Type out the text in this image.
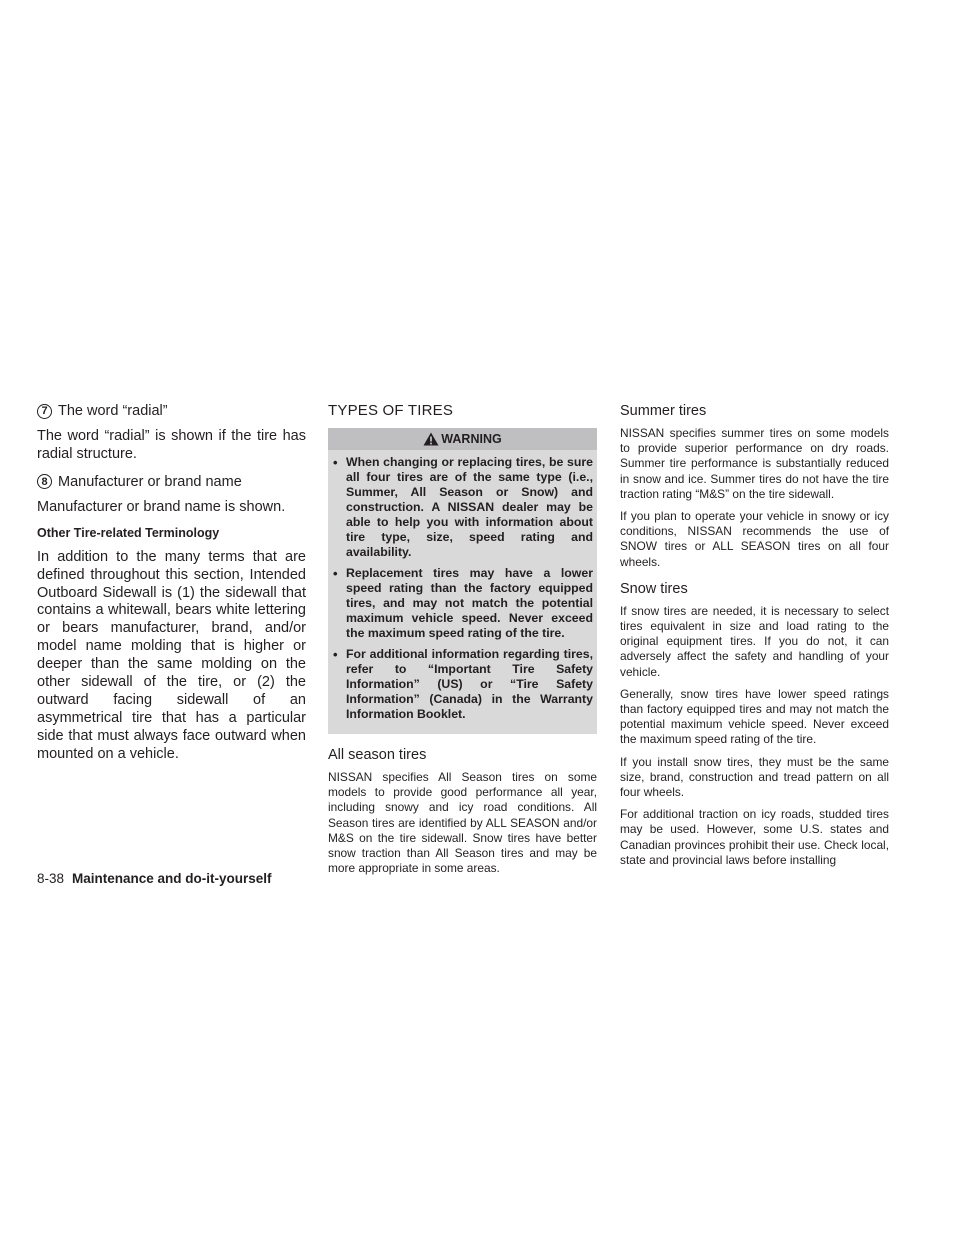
7 The word “radial”

The word “radial” is shown if the tire has radial structure.

8 Manufacturer or brand name

Manufacturer or brand name is shown.

Other Tire-related Terminology

In addition to the many terms that are defined throughout this section, Intended Outboard Sidewall is (1) the sidewall that contains a whitewall, bears white lettering or bears manufacturer, brand, and/or model name molding that is higher or deeper than the same molding on the other sidewall of the tire, or (2) the outward facing sidewall of an asymmetrical tire that has a particular side that must always face outward when mounted on a vehicle.

TYPES OF TIRES
WARNING
• When changing or replacing tires, be sure all four tires are of the same type (i.e., Summer, All Season or Snow) and construction. A NISSAN dealer may be able to help you with information about tire type, size, speed rating and availability.
• Replacement tires may have a lower speed rating than the factory equipped tires, and may not match the potential maximum vehicle speed. Never exceed the maximum speed rating of the tire.
• For additional information regarding tires, refer to “Important Tire Safety Information” (US) or “Tire Safety Information” (Canada) in the Warranty Information Booklet.
All season tires

NISSAN specifies All Season tires on some models to provide good performance all year, including snowy and icy road conditions. All Season tires are identified by ALL SEASON and/or M&S on the tire sidewall. Snow tires have better snow traction than All Season tires and may be more appropriate in some areas.

Summer tires

NISSAN specifies summer tires on some models to provide superior performance on dry roads. Summer tire performance is substantially reduced in snow and ice. Summer tires do not have the tire traction rating “M&S” on the tire sidewall.

If you plan to operate your vehicle in snowy or icy conditions, NISSAN recommends the use of SNOW tires or ALL SEASON tires on all four wheels.

Snow tires

If snow tires are needed, it is necessary to select tires equivalent in size and load rating to the original equipment tires. If you do not, it can adversely affect the safety and handling of your vehicle.

Generally, snow tires have lower speed ratings than factory equipped tires and may not match the potential maximum vehicle speed. Never exceed the maximum speed rating of the tire.

If you install snow tires, they must be the same size, brand, construction and tread pattern on all four wheels.

For additional traction on icy roads, studded tires may be used. However, some U.S. states and Canadian provinces prohibit their use. Check local, state and provincial laws before installing

8-38 Maintenance and do-it-yourself
